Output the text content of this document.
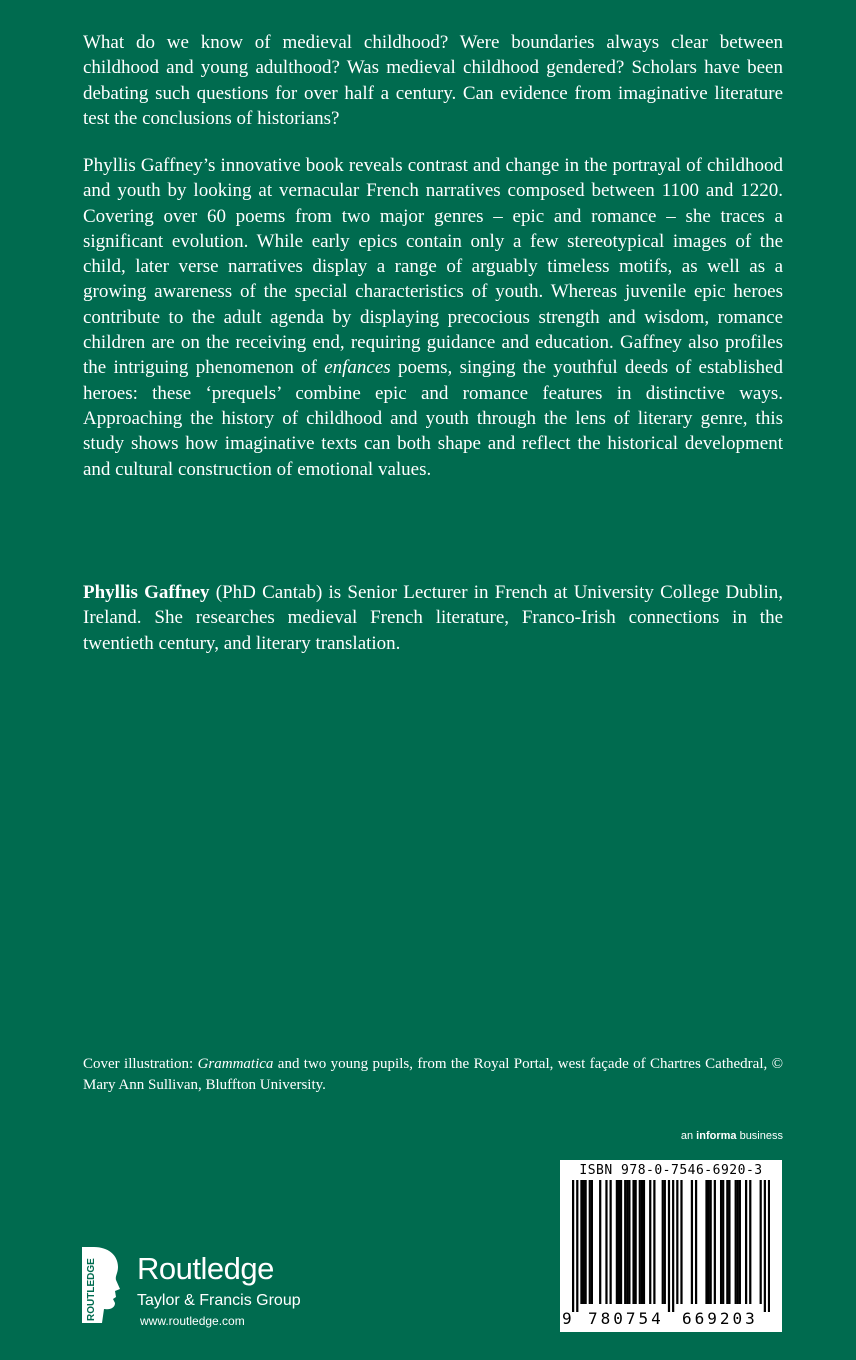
What do we know of medieval childhood? Were boundaries always clear between childhood and young adulthood? Was medieval childhood gendered? Scholars have been debating such questions for over half a century. Can evidence from imaginative literature test the conclusions of historians?

Phyllis Gaffney’s innovative book reveals contrast and change in the portrayal of childhood and youth by looking at vernacular French narratives composed between 1100 and 1220. Covering over 60 poems from two major genres – epic and romance – she traces a significant evolution. While early epics contain only a few stereotypical images of the child, later verse narratives display a range of arguably timeless motifs, as well as a growing awareness of the special characteristics of youth. Whereas juvenile epic heroes contribute to the adult agenda by displaying precocious strength and wisdom, romance children are on the receiving end, requiring guidance and education. Gaffney also profiles the intriguing phenomenon of enfances poems, singing the youthful deeds of established heroes: these ‘prequels’ combine epic and romance features in distinctive ways. Approaching the history of childhood and youth through the lens of literary genre, this study shows how imaginative texts can both shape and reflect the historical development and cultural construction of emotional values.

Phyllis Gaffney (PhD Cantab) is Senior Lecturer in French at University College Dublin, Ireland. She researches medieval French literature, Franco-Irish connections in the twentieth century, and literary translation.

Cover illustration: Grammatica and two young pupils, from the Royal Portal, west façade of Chartres Cathedral, © Mary Ann Sullivan, Bluffton University.

an informa business
ROUTLEDGE Routledge
Taylor & Francis Group
www.routledge.com
ISBN 978-0-7546-6920-3
9 780754 669203
